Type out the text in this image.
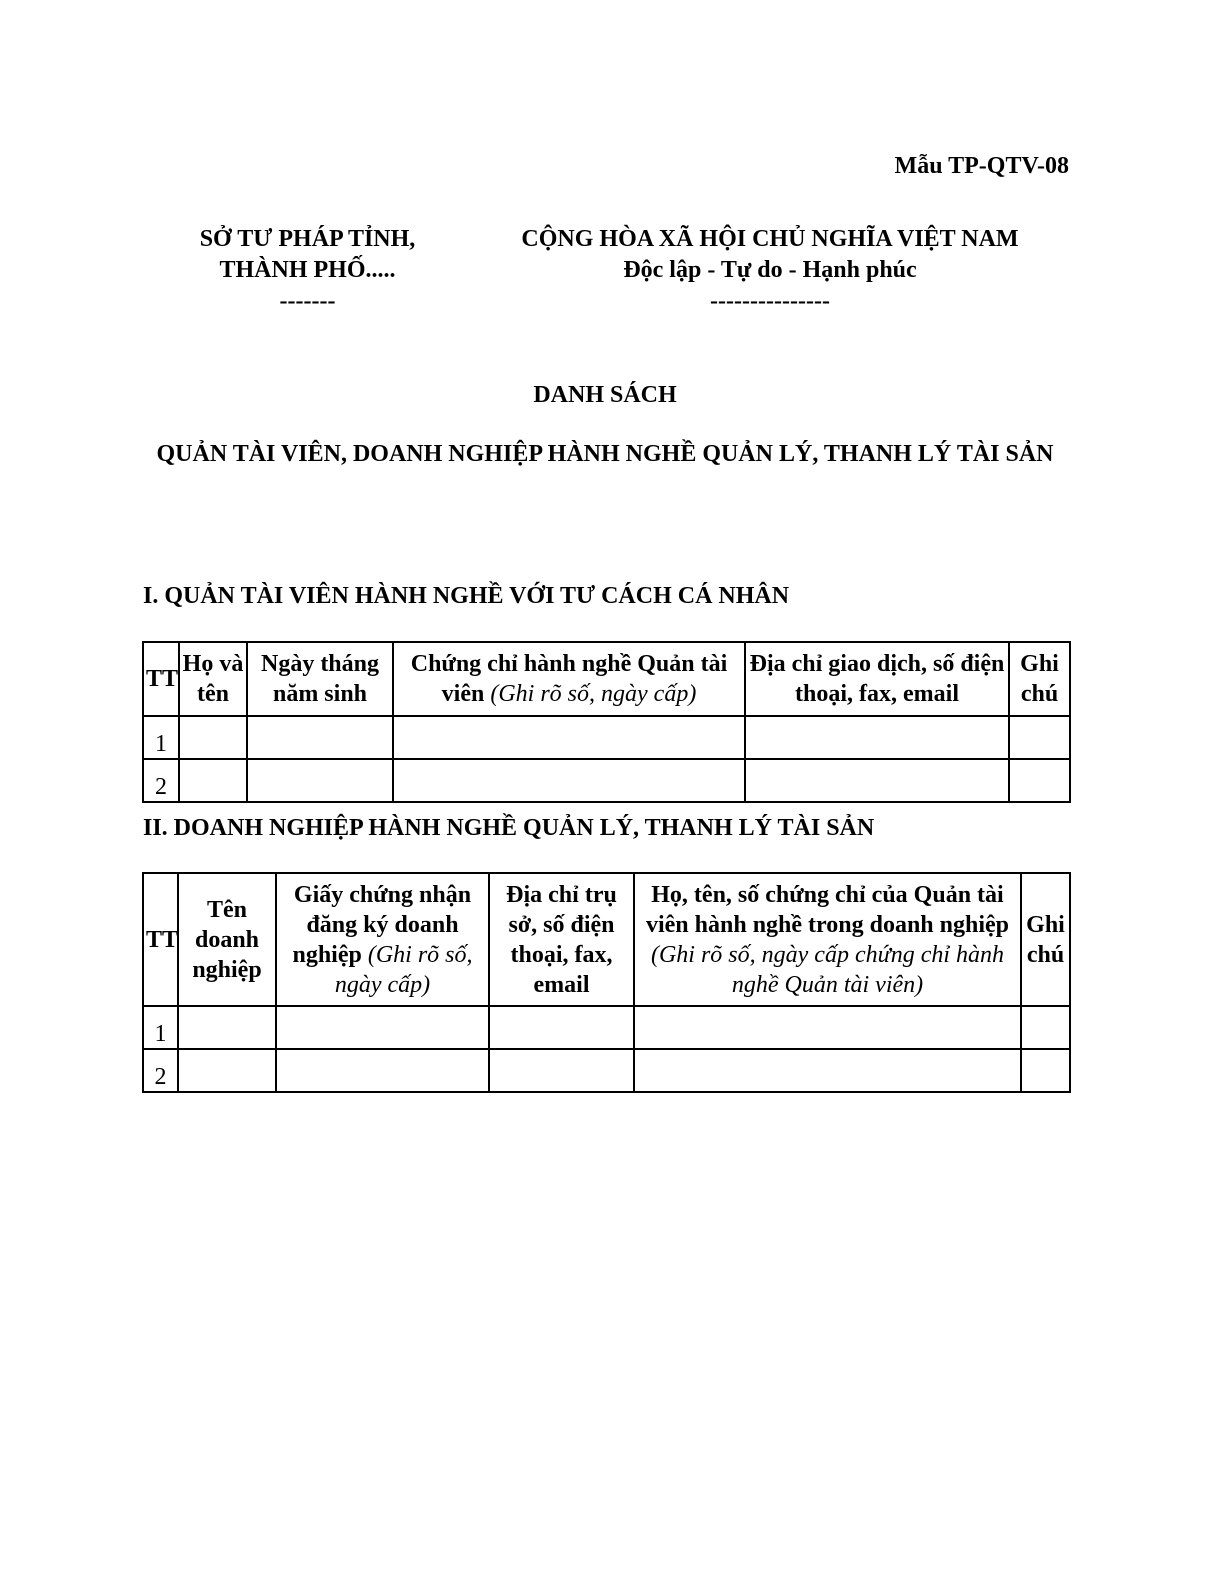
Mẫu TP-QTV-08
SỞ TƯ PHÁP TỈNH,
THÀNH PHỐ.....
-------
CỘNG HÒA XÃ HỘI CHỦ NGHĨA VIỆT NAM
Độc lập - Tự do - Hạnh phúc
---------------
DANH SÁCH
QUẢN TÀI VIÊN, DOANH NGHIỆP HÀNH NGHỀ QUẢN LÝ, THANH LÝ TÀI SẢN
I. QUẢN TÀI VIÊN HÀNH NGHỀ VỚI TƯ CÁCH CÁ NHÂN
TT	Họ và tên	Ngày tháng năm sinh	Chứng chỉ hành nghề Quản tài viên (Ghi rõ số, ngày cấp)	Địa chỉ giao dịch, số điện thoại, fax, email	Ghi chú
1					
2					
II. DOANH NGHIỆP HÀNH NGHỀ QUẢN LÝ, THANH LÝ TÀI SẢN
TT	Tên doanh nghiệp	Giấy chứng nhận đăng ký doanh nghiệp (Ghi rõ số, ngày cấp)	Địa chỉ trụ sở, số điện thoại, fax, email	Họ, tên, số chứng chỉ của Quản tài viên hành nghề trong doanh nghiệp (Ghi rõ số, ngày cấp chứng chỉ hành nghề Quản tài viên)	Ghi chú
1					
2					
